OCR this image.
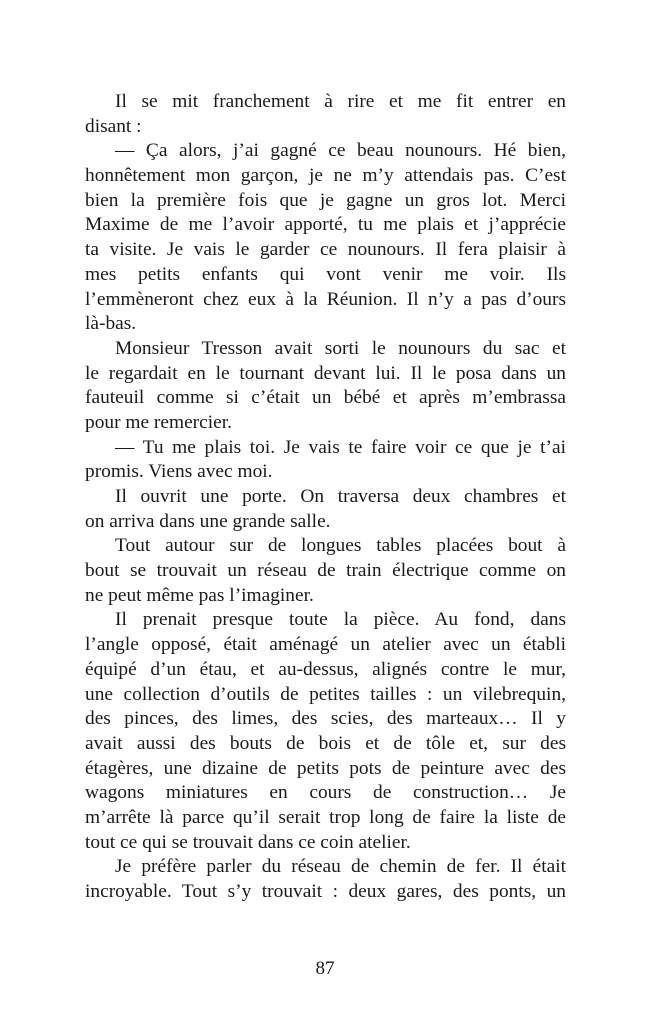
Il se mit franchement à rire et me fit entrer en
disant :
— Ça alors, j’ai gagné ce beau nounours. Hé bien,
honnêtement mon garçon, je ne m’y attendais pas. C’est
bien la première fois que je gagne un gros lot. Merci
Maxime de me l’avoir apporté, tu me plais et j’apprécie
ta visite. Je vais le garder ce nounours. Il fera plaisir à
mes petits enfants qui vont venir me voir. Ils
l’emmèneront chez eux à la Réunion. Il n’y a pas d’ours
là-bas.
Monsieur Tresson avait sorti le nounours du sac et
le regardait en le tournant devant lui. Il le posa dans un
fauteuil comme si c’était un bébé et après m’embrassa
pour me remercier.
— Tu me plais toi. Je vais te faire voir ce que je t’ai
promis. Viens avec moi.
Il ouvrit une porte. On traversa deux chambres et
on arriva dans une grande salle.
Tout autour sur de longues tables placées bout à
bout se trouvait un réseau de train électrique comme on
ne peut même pas l’imaginer.
Il prenait presque toute la pièce. Au fond, dans
l’angle opposé, était aménagé un atelier avec un établi
équipé d’un étau, et au-dessus, alignés contre le mur,
une collection d’outils de petites tailles : un vilebrequin,
des pinces, des limes, des scies, des marteaux… Il y
avait aussi des bouts de bois et de tôle et, sur des
étagères, une dizaine de petits pots de peinture avec des
wagons miniatures en cours de construction… Je
m’arrête là parce qu’il serait trop long de faire la liste de
tout ce qui se trouvait dans ce coin atelier.
Je préfère parler du réseau de chemin de fer. Il était
incroyable. Tout s’y trouvait : deux gares, des ponts, un
87
